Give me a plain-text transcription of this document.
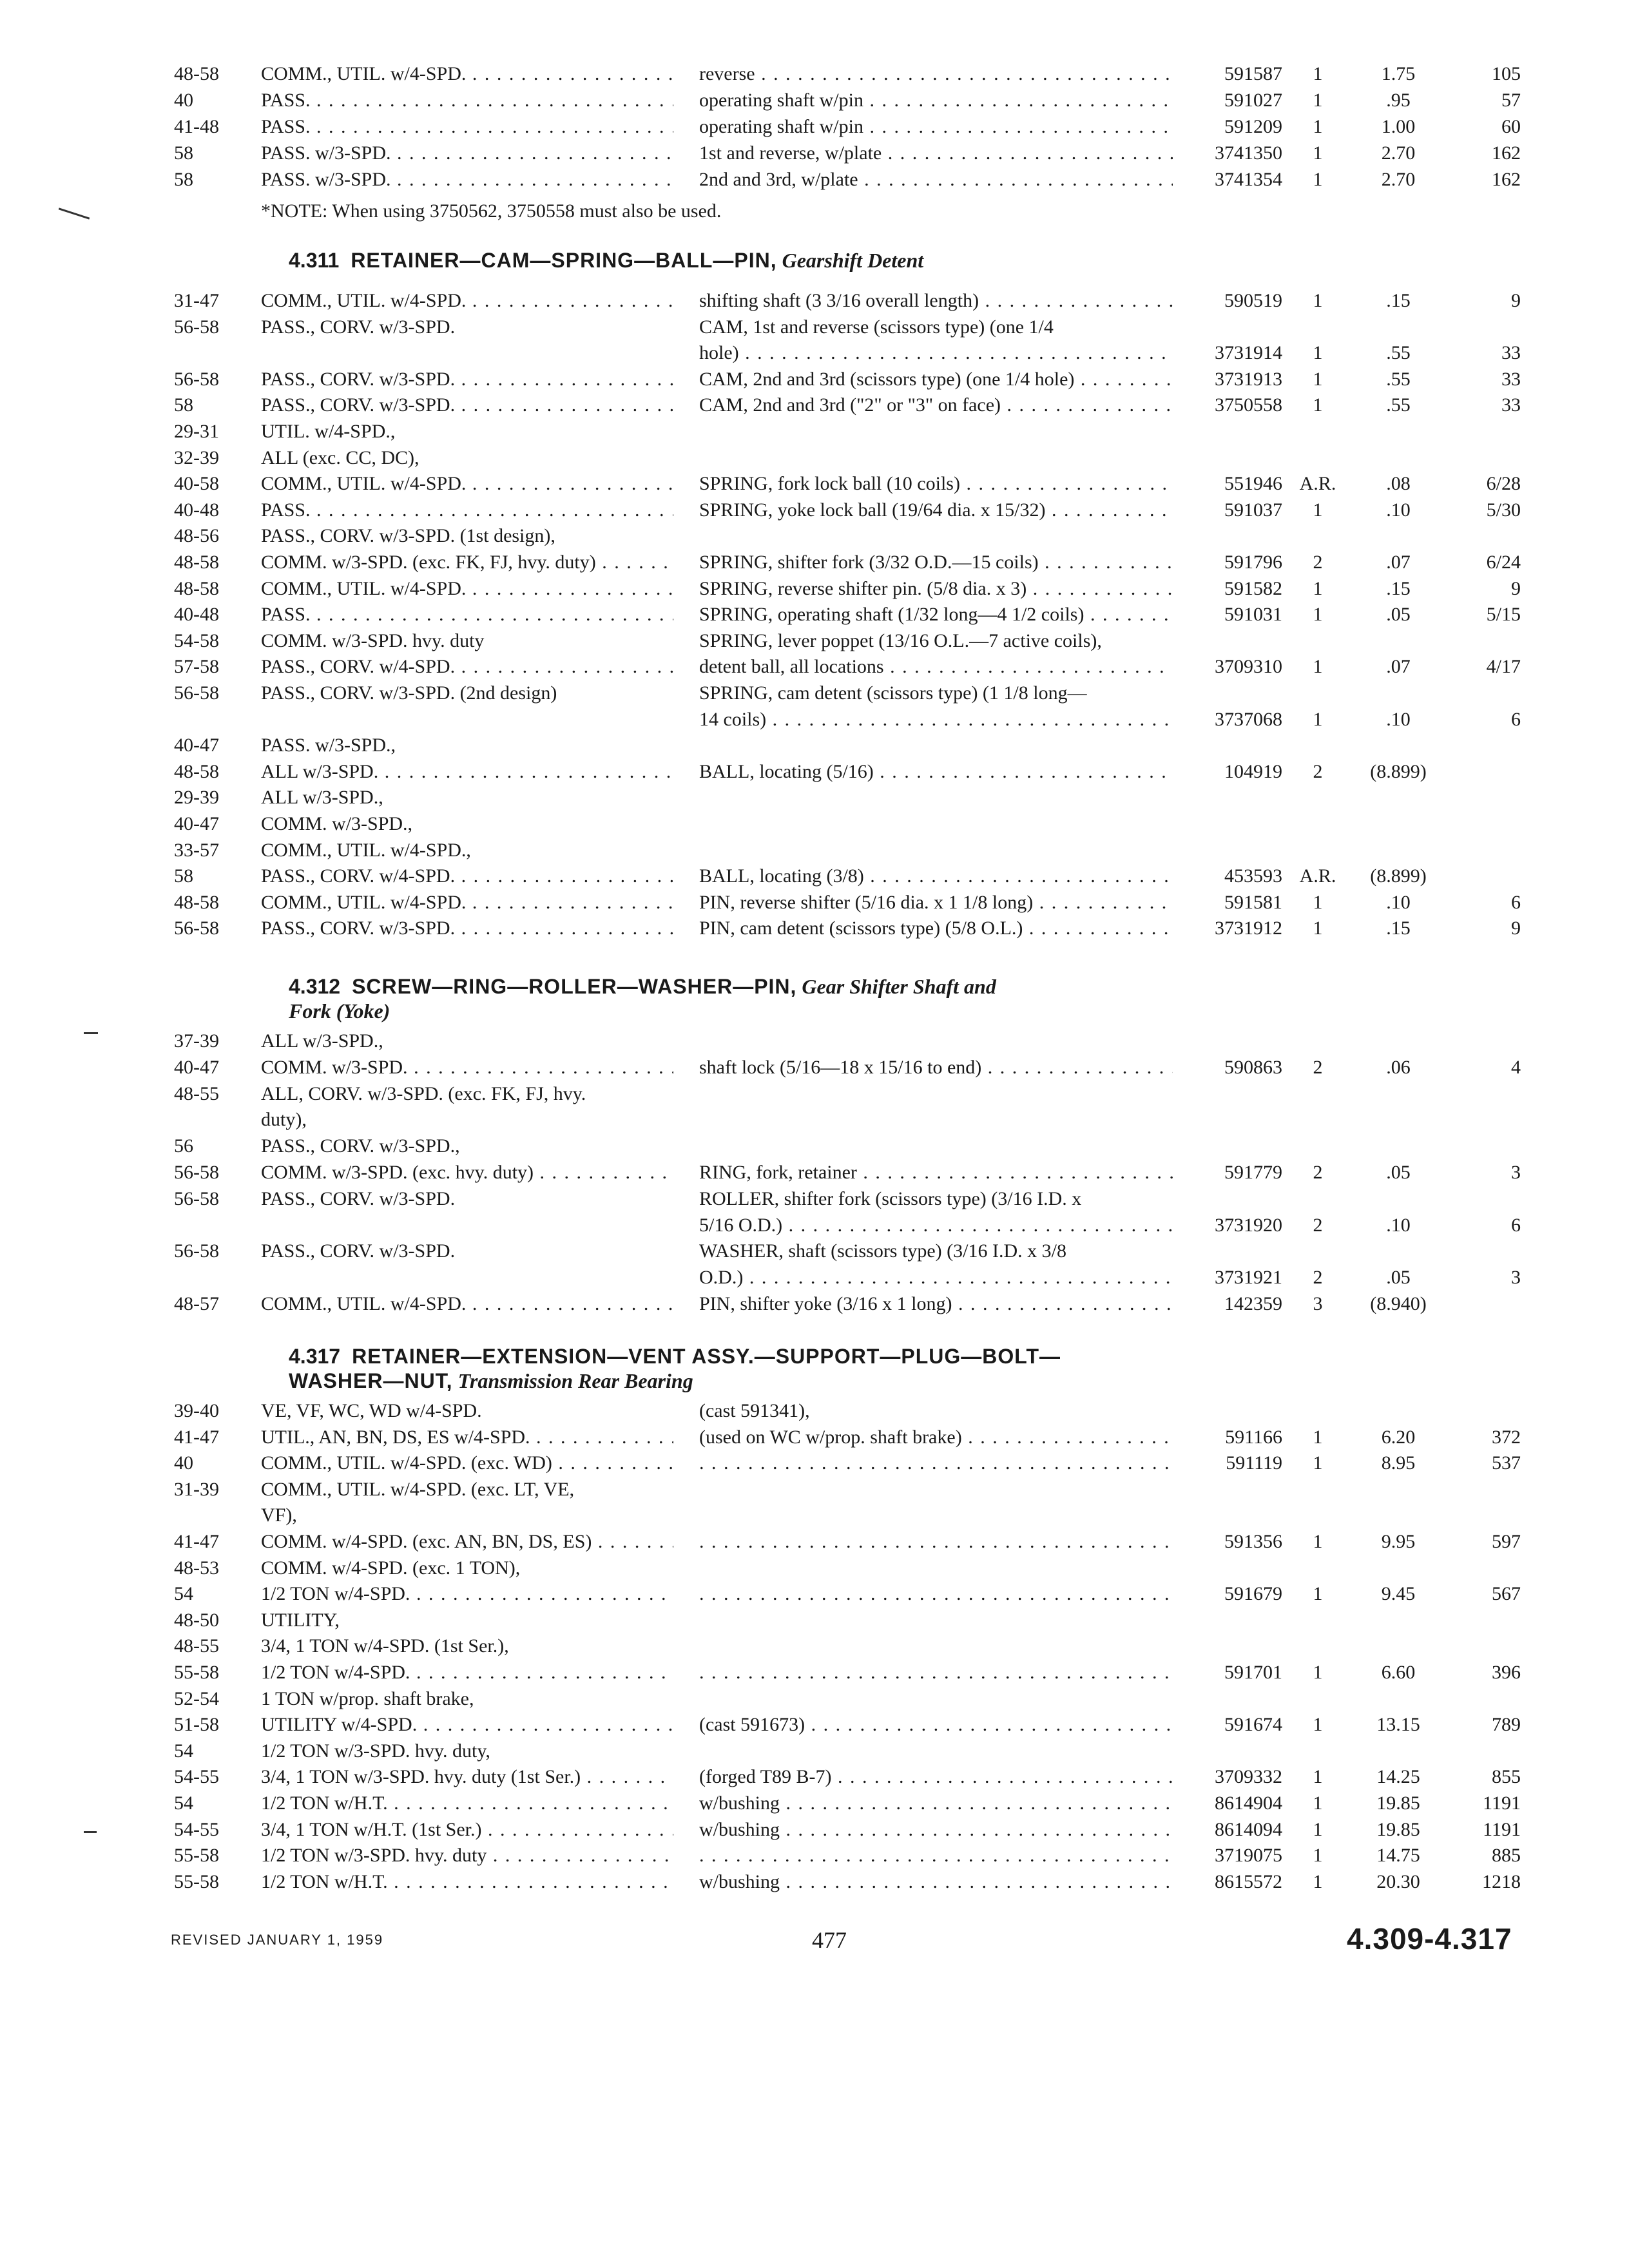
48-58 COMM., UTIL. w/4-SPD. . . .	reverse . . .	591587	1	1.75	105
40	PASS. . . .	operating shaft w/pin . . .	591027	1	.95	57
41-48 PASS. . . .	operating shaft w/pin . . .	591209	1	1.00	60
58	PASS. w/3-SPD. . . .	1st and reverse, w/plate . . .	3741350	1	2.70	162
58	PASS. w/3-SPD. . . .	2nd and 3rd, w/plate . . .	3741354	1	2.70	162
4.311 RETAINER—CAM—SPRING—BALL—PIN, Gearshift Detent
31-47 COMM., UTIL. w/4-SPD. . . .	shifting shaft (3 3/16 overall length) . . .	590519	1	.15	9
56-58 PASS., CORV. w/3-SPD.	CAM, 1st and reverse (scissors type) (one 1/4
hole) . . .	3731914	1	.55	33
56-58 PASS., CORV. w/3-SPD. . . .	CAM, 2nd and 3rd (scissors type) (one 1/4 hole) . . .	3731913	1	.55	33
58	PASS., CORV. w/3-SPD. . . .	CAM, 2nd and 3rd ("2" or "3" on face) . . .	3750558	1	.55	33
29-31 UTIL. w/4-SPD.,
32-39 ALL (exc. CC, DC),
40-58 COMM., UTIL. w/4-SPD. . . .	SPRING, fork lock ball (10 coils) . . .	551946 A.R.	.08	6/28
40-48 PASS. . . .	SPRING, yoke lock ball (19/64 dia. x 15/32) . . .	591037	1	.10	5/30
48-56 PASS., CORV. w/3-SPD. (1st design),
48-58 COMM. w/3-SPD. (exc. FK, FJ, hvy. duty) . . .	SPRING, shifter fork (3/32 O.D.—15 coils) . . .	591796	2	.07	6/24
48-58 COMM., UTIL. w/4-SPD. . . .	SPRING, reverse shifter pin. (5/8 dia. x 3) . . .	591582	1	.15	9
40-48 PASS. . . .	SPRING, operating shaft (1/32 long—4 1/2 coils) . . .	591031	1	.05	5/15
54-58 COMM. w/3-SPD. hvy. duty	SPRING, lever poppet (13/16 O.L.—7 active coils),
57-58 PASS., CORV. w/4-SPD. . . .	detent ball, all locations . . .	3709310	1	.07	4/17
56-58 PASS., CORV. w/3-SPD. (2nd design)	SPRING, cam detent (scissors type) (1 1/8 long—
14 coils) . . .	3737068	1	.10	6
40-47 PASS. w/3-SPD.,
48-58 ALL w/3-SPD. . . .	BALL, locating (5/16) . . .	104919	2	(8.899)
29-39 ALL w/3-SPD.,
40-47 COMM. w/3-SPD.,
33-57 COMM., UTIL. w/4-SPD.,
58	PASS., CORV. w/4-SPD. . . .	BALL, locating (3/8) . . .	453593 A.R.	(8.899)
48-58 COMM., UTIL. w/4-SPD. . . .	PIN, reverse shifter (5/16 dia. x 1 1/8 long) . . .	591581	1	.10	6
56-58 PASS., CORV. w/3-SPD. . . .	PIN, cam detent (scissors type) (5/8 O.L.) . . .	3731912	1	.15	9
4.312 SCREW—RING—ROLLER—WASHER—PIN, Gear Shifter Shaft and
Fork (Yoke)
37-39 ALL w/3-SPD.,
40-47 COMM. w/3-SPD. . . .	shaft lock (5/16—18 x 15/16 to end) . . .	590863	2	.06	4
48-55 ALL, CORV. w/3-SPD. (exc. FK, FJ, hvy.
duty),
56	PASS., CORV. w/3-SPD.,
56-58 COMM. w/3-SPD. (exc. hvy. duty) . . .	RING, fork, retainer . . .	591779	2	.05	3
56-58 PASS., CORV. w/3-SPD.	ROLLER, shifter fork (scissors type) (3/16 I.D. x
5/16 O.D.) . . .	3731920	2	.10	6
56-58 PASS., CORV. w/3-SPD.	WASHER, shaft (scissors type) (3/16 I.D. x 3/8
O.D.) . . .	3731921	2	.05	3
48-57 COMM., UTIL. w/4-SPD. . . .	PIN, shifter yoke (3/16 x 1 long) . . .	142359	3	(8.940)
4.317 RETAINER—EXTENSION—VENT ASSY.—SUPPORT—PLUG—BOLT—
WASHER—NUT, Transmission Rear Bearing
39-40 VE, VF, WC, WD w/4-SPD.	(cast 591341),
41-47 UTIL., AN, BN, DS, ES w/4-SPD. . . .	(used on WC w/prop. shaft brake) . . .	591166	1	6.20	372
40	COMM., UTIL. w/4-SPD. (exc. WD) . . . . . .	591119	1	8.95	537
31-39 COMM., UTIL. w/4-SPD. (exc. LT, VE,
VF),
41-47 COMM. w/4-SPD. (exc. AN, BN, DS, ES) . . . . . .	591356	1	9.95	597
48-53 COMM. w/4-SPD. (exc. 1 TON),
54	1/2 TON w/4-SPD. . . . . . .	591679	1	9.45	567
48-50 UTILITY,
48-55 3/4, 1 TON w/4-SPD. (1st Ser.),
55-58 1/2 TON w/4-SPD. . . . . . .	591701	1	6.60	396
52-54 1 TON w/prop. shaft brake,
51-58 UTILITY w/4-SPD. . . .	(cast 591673) . . .	591674	1	13.15	789
54	1/2 TON w/3-SPD. hvy. duty,
54-55 3/4, 1 TON w/3-SPD. hvy. duty (1st Ser.) . . .	(forged T89 B-7) . . .	3709332	1	14.25	855
54	1/2 TON w/H.T. . . .	w/bushing . . .	8614904	1	19.85	1191
54-55 3/4, 1 TON w/H.T. (1st Ser.) . . .	w/bushing . . .	8614094	1	19.85	1191
55-58 1/2 TON w/3-SPD. hvy. duty . . . . . .	3719075	1	14.75	885
55-58 1/2 TON w/H.T. . . .	w/bushing . . .	8615572	1	20.30	1218
*NOTE: When using 3750562, 3750558 must also be used.
REVISED JANUARY 1, 1959	477	4.309-4.317
